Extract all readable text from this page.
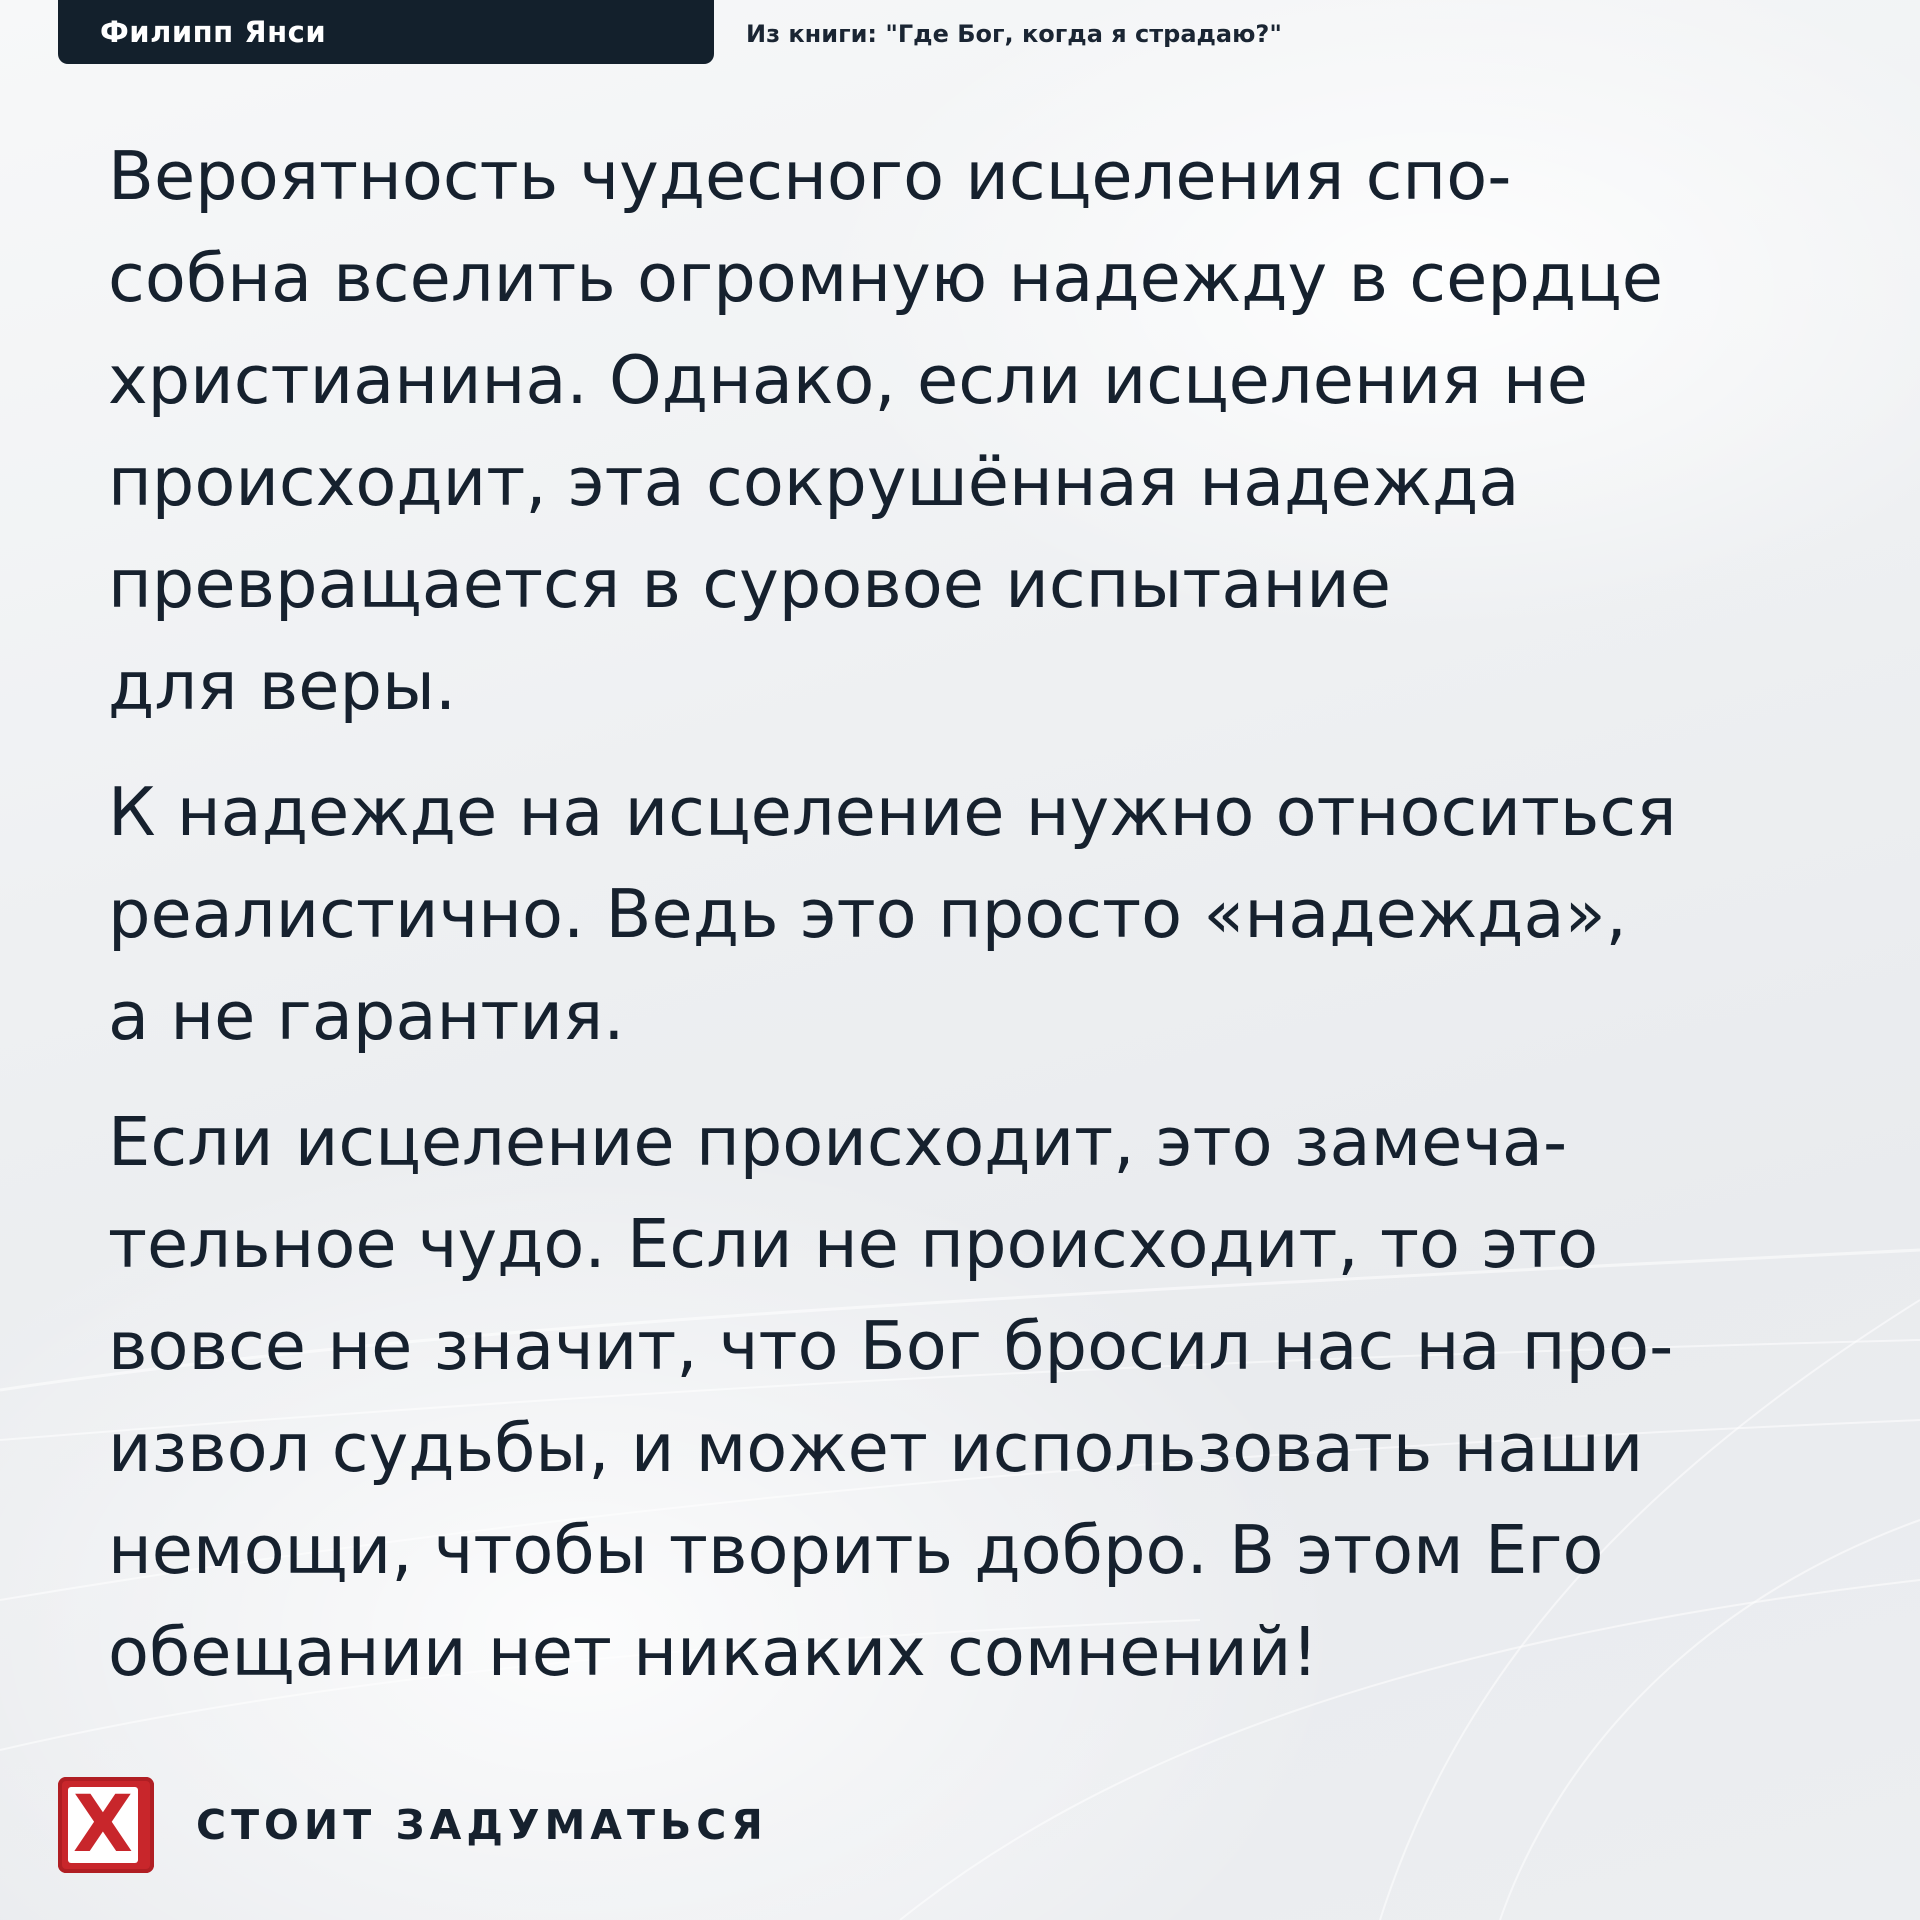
Филипп Янси	Из книги: "Где Бог, когда я страдаю?"

Вероятность чудесного исцеления спо-
собна вселить огромную надежду в сердце
христианина. Однако, если исцеления не
происходит, эта сокрушённая надежда
превращается в суровое испытание
для веры.

К надежде на исцеление нужно относиться
реалистично. Ведь это просто «надежда»,
а не гарантия.

Если исцеление происходит, это замеча-
тельное чудо. Если не происходит, то это
вовсе не значит, что Бог бросил нас на про-
извол судьбы, и может использовать наши
немощи, чтобы творить добро. В этом Его
обещании нет никаких сомнений!

X СТОИТ ЗАДУМАТЬСЯ
